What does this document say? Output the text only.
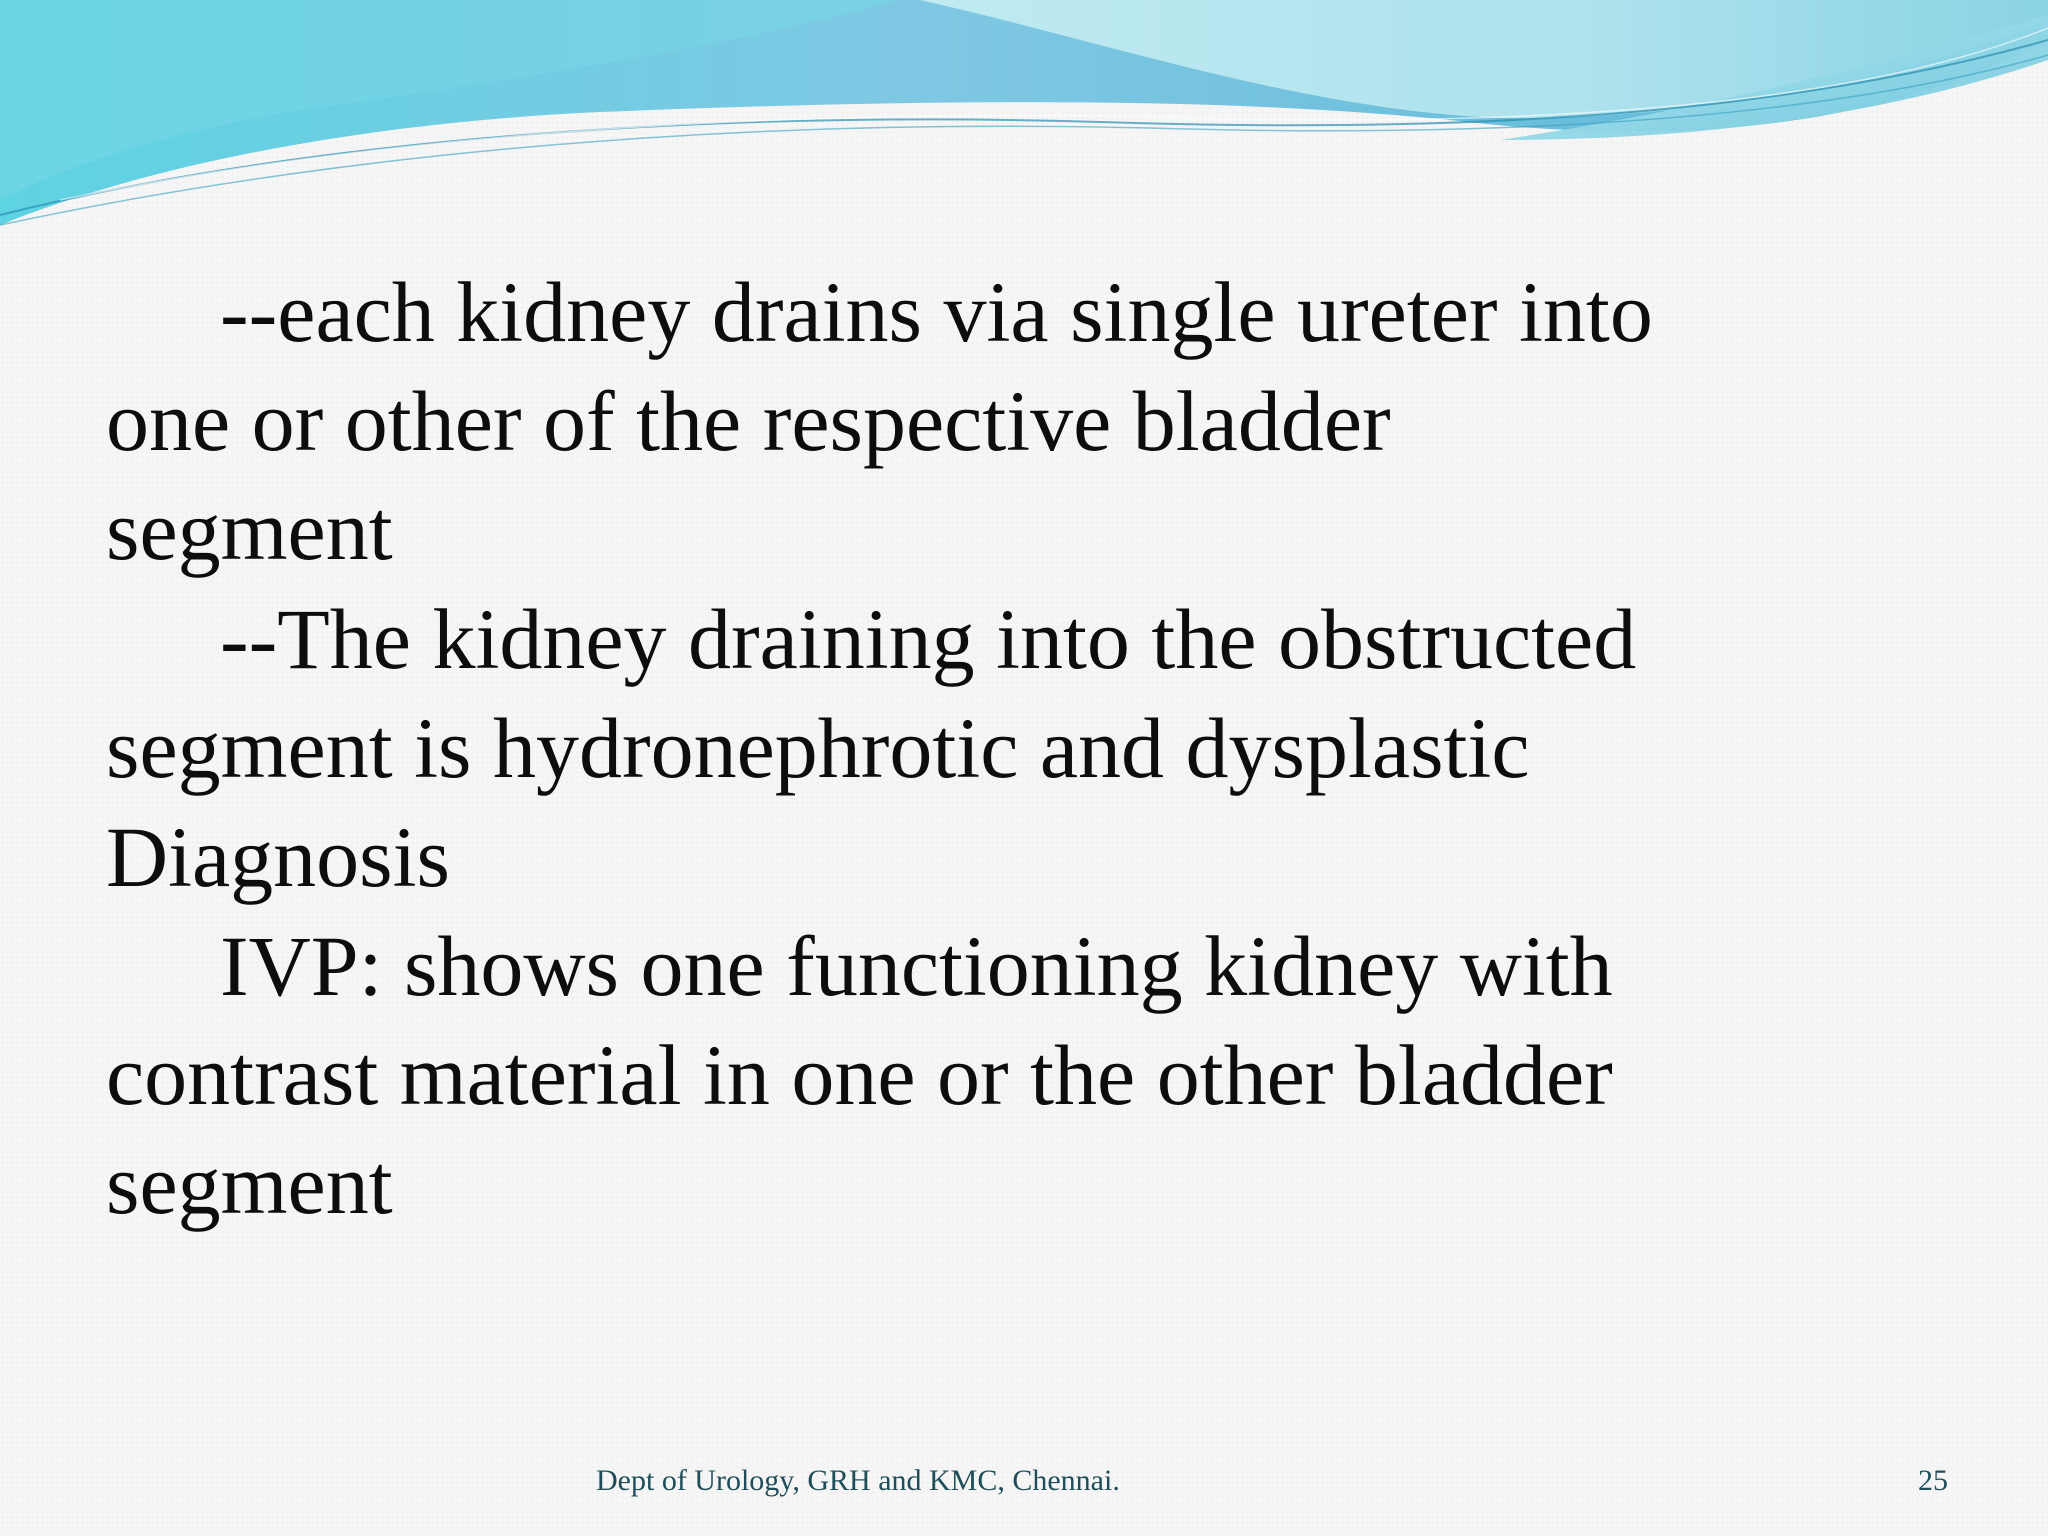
--each kidney drains via single ureter into
one or other of the respective bladder
segment
--The kidney draining into the obstructed
segment is hydronephrotic and dysplastic
Diagnosis
IVP: shows one functioning kidney with
contrast material in one or the other bladder
segment
Dept of Urology, GRH and KMC, Chennai.	25
